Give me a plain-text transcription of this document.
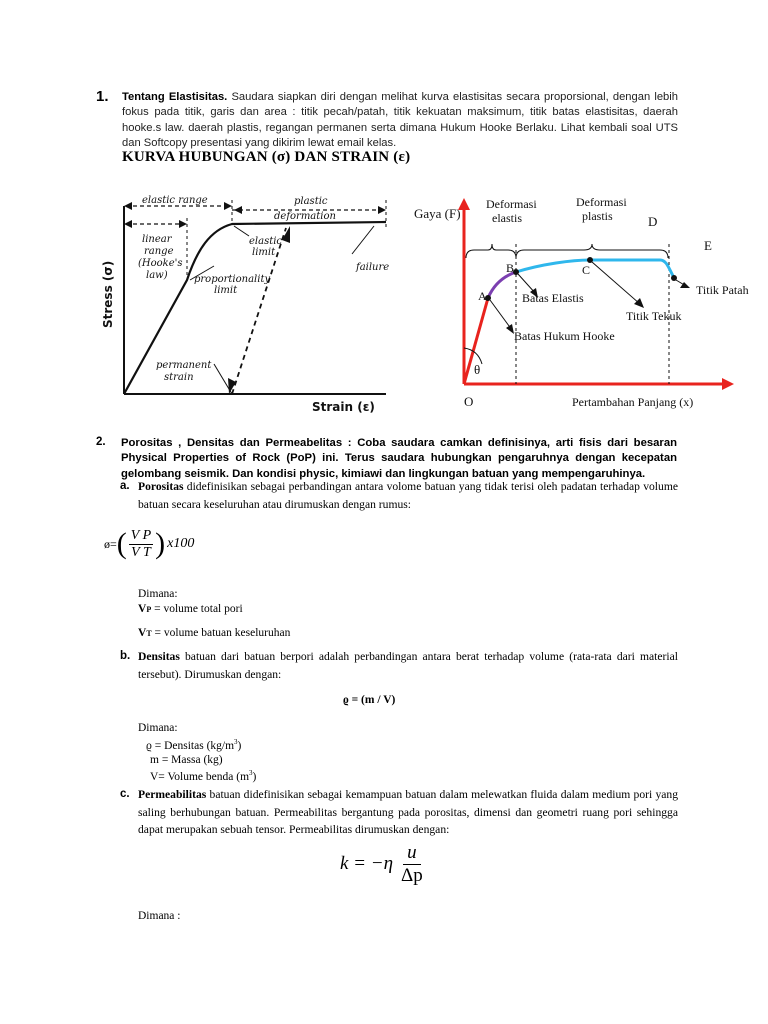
1. Tentang Elastisitas. Saudara siapkan diri dengan melihat kurva elastisitas secara proporsional, dengan lebih fokus pada titik, garis dan area : titik pecah/patah, titik kekuatan maksimum, titik batas elastisitas, daerah hooke.s law. daerah plastis, regangan permanen serta dimana Hukum Hooke Berlaku. Lihat kembali soal UTS dan Softcopy presentasi yang dikirim lewat email kelas.
KURVA HUBUNGAN (σ) DAN STRAIN (ε)
elastic range	plastic
deformation
linear
range
(Hooke's
law)
elastic
limit
proportionality
limit
failure
permanent
strain
Strain (ε)
Stress (σ)
Gaya (F)
O
θ
Deformasi
elastis
Deformasi
plastis
A
B	C
D
E
Batas Elastis
Batas Hukum Hooke
Titik Tekuk
Titik Patah
Pertambahan Panjang (x)
2. Porositas , Densitas dan Permeabelitas : Coba saudara camkan definisinya, arti fisis dari besaran Physical Properties of Rock (PoP) ini. Terus saudara hubungkan pengaruhnya dengan kecepatan gelombang seismik. Dan kondisi physic, kimiawi dan lingkungan batuan yang mempengaruhinya.
a. Porositas didefinisikan sebagai perbandingan antara volome batuan yang tidak terisi oleh padatan terhadap volume batuan secara keseluruhan atau dirumuskan dengan rumus:
ø= ( $\frac{\text{V P}}{\text{V T}}$ ) x100
Dimana:
VP = volume total pori
VT = volume batuan keseluruhan
b. Densitas batuan dari batuan berpori adalah perbandingan antara berat terhadap volume (rata-rata dari material tersebut). Dirumuskan dengan:
ϱ = (m / V)
Dimana:
ϱ = Densitas $(kg/m^3)$
m = Massa (kg)
V= Volume benda $(m^3)$
c. Permeabilitas batuan didefinisikan sebagai kemampuan batuan dalam melewatkan fluida dalam medium pori yang saling berhubungan batuan. Permeabilitas bergantung pada porositas, dimensi dan geometri ruang pori sehingga dapat merupakan sebuah tensor. Permeabilitas dirumuskan dengan:
$k = -\eta \frac{u}{\Delta p}$
Dimana :
